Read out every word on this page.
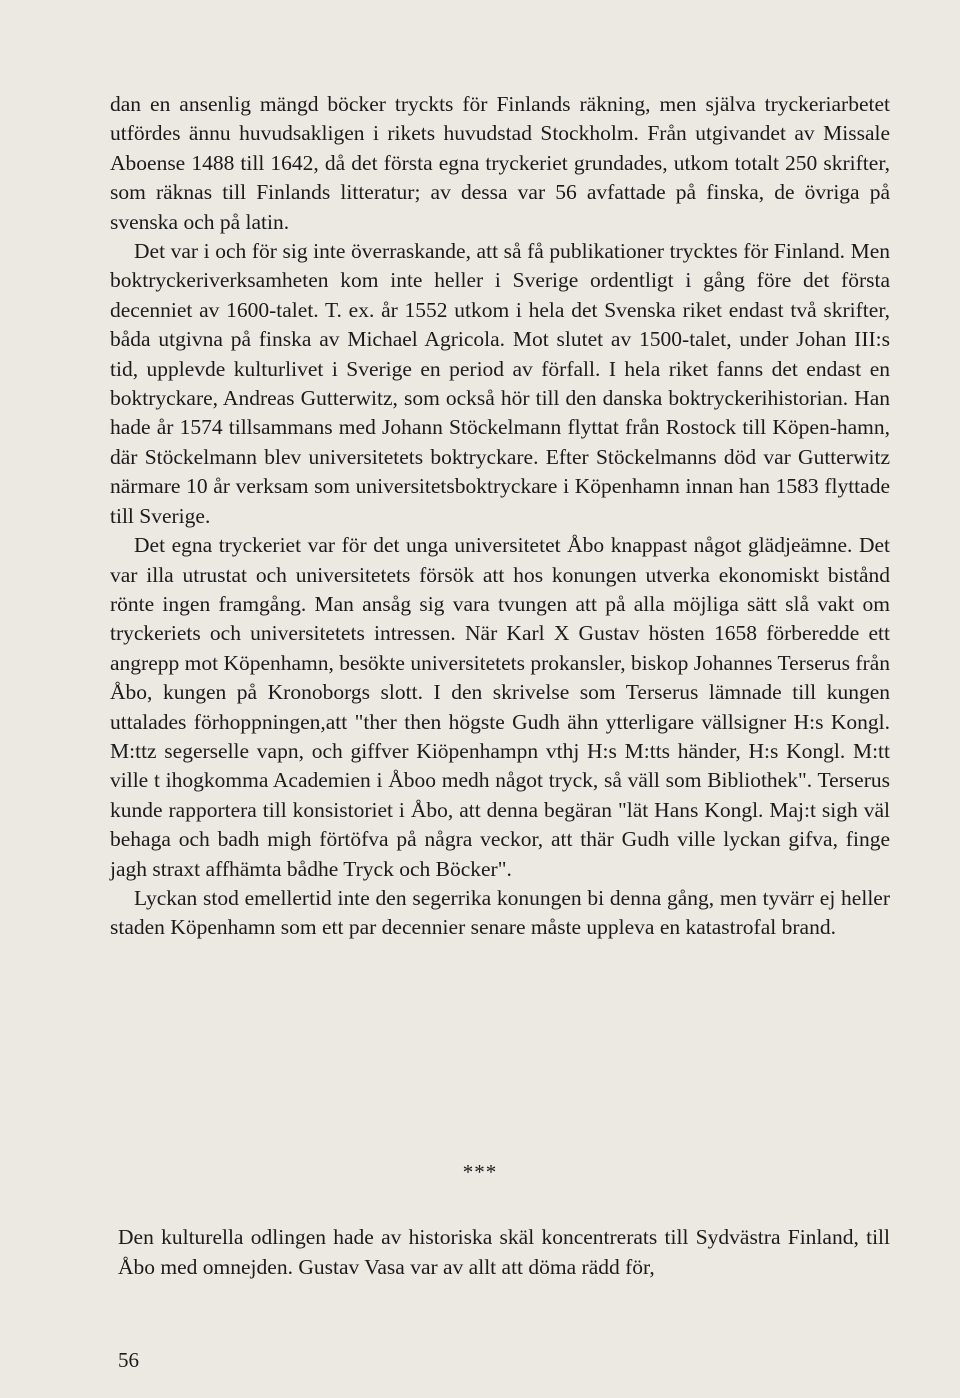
dan en ansenlig mängd böcker tryckts för Finlands räkning, men själva tryckeriarbetet utfördes ännu huvudsakligen i rikets huvudstad Stockholm. Från utgivandet av Missale Aboense 1488 till 1642, då det första egna tryckeriet grundades, utkom totalt 250 skrifter, som räknas till Finlands litteratur; av dessa var 56 avfattade på finska, de övriga på svenska och på latin.

Det var i och för sig inte överraskande, att så få publikationer trycktes för Finland. Men boktryckeriverksamheten kom inte heller i Sverige ordentligt i gång före det första decenniet av 1600-talet. T. ex. år 1552 utkom i hela det Svenska riket endast två skrifter, båda utgivna på finska av Michael Agricola. Mot slutet av 1500-talet, under Johan III:s tid, upplevde kulturlivet i Sverige en period av förfall. I hela riket fanns det endast en boktryckare, Andreas Gutterwitz, som också hör till den danska boktryckerihistorian. Han hade år 1574 tillsammans med Johann Stöckelmann flyttat från Rostock till Köpen-hamn, där Stöckelmann blev universitetets boktryckare. Efter Stöckelmanns död var Gutterwitz närmare 10 år verksam som universitetsboktryckare i Köpenhamn innan han 1583 flyttade till Sverige.

Det egna tryckeriet var för det unga universitetet Åbo knappast något glädjeämne. Det var illa utrustat och universitetets försök att hos konungen utverka ekonomiskt bistånd rönte ingen framgång. Man ansåg sig vara tvungen att på alla möjliga sätt slå vakt om tryckeriets och universitetets intressen. När Karl X Gustav hösten 1658 förberedde ett angrepp mot Köpenhamn, besökte universitetets prokansler, biskop Johannes Terserus från Åbo, kungen på Kronoborgs slott. I den skrivelse som Terserus lämnade till kungen uttalades förhoppningen,att "ther then högste Gudh ähn ytterligare vällsigner H:s Kongl. M:ttz segerselle vapn, och giffver Kiöpenhampn vthj H:s M:tts händer, H:s Kongl. M:tt ville t ihogkomma Academien i Åboo medh något tryck, så väll som Bibliothek". Terserus kunde rapportera till konsistoriet i Åbo, att denna begäran "lät Hans Kongl. Maj:t sigh väl behaga och badh migh förtöfva på några veckor, att thär Gudh ville lyckan gifva, finge jagh straxt affhämta bådhe Tryck och Böcker".

Lyckan stod emellertid inte den segerrika konungen bi denna gång, men tyvärr ej heller staden Köpenhamn som ett par decennier senare måste uppleva en katastrofal brand.

***

Den kulturella odlingen hade av historiska skäl koncentrerats till Sydvästra Finland, till Åbo med omnejden. Gustav Vasa var av allt att döma rädd för,

56
